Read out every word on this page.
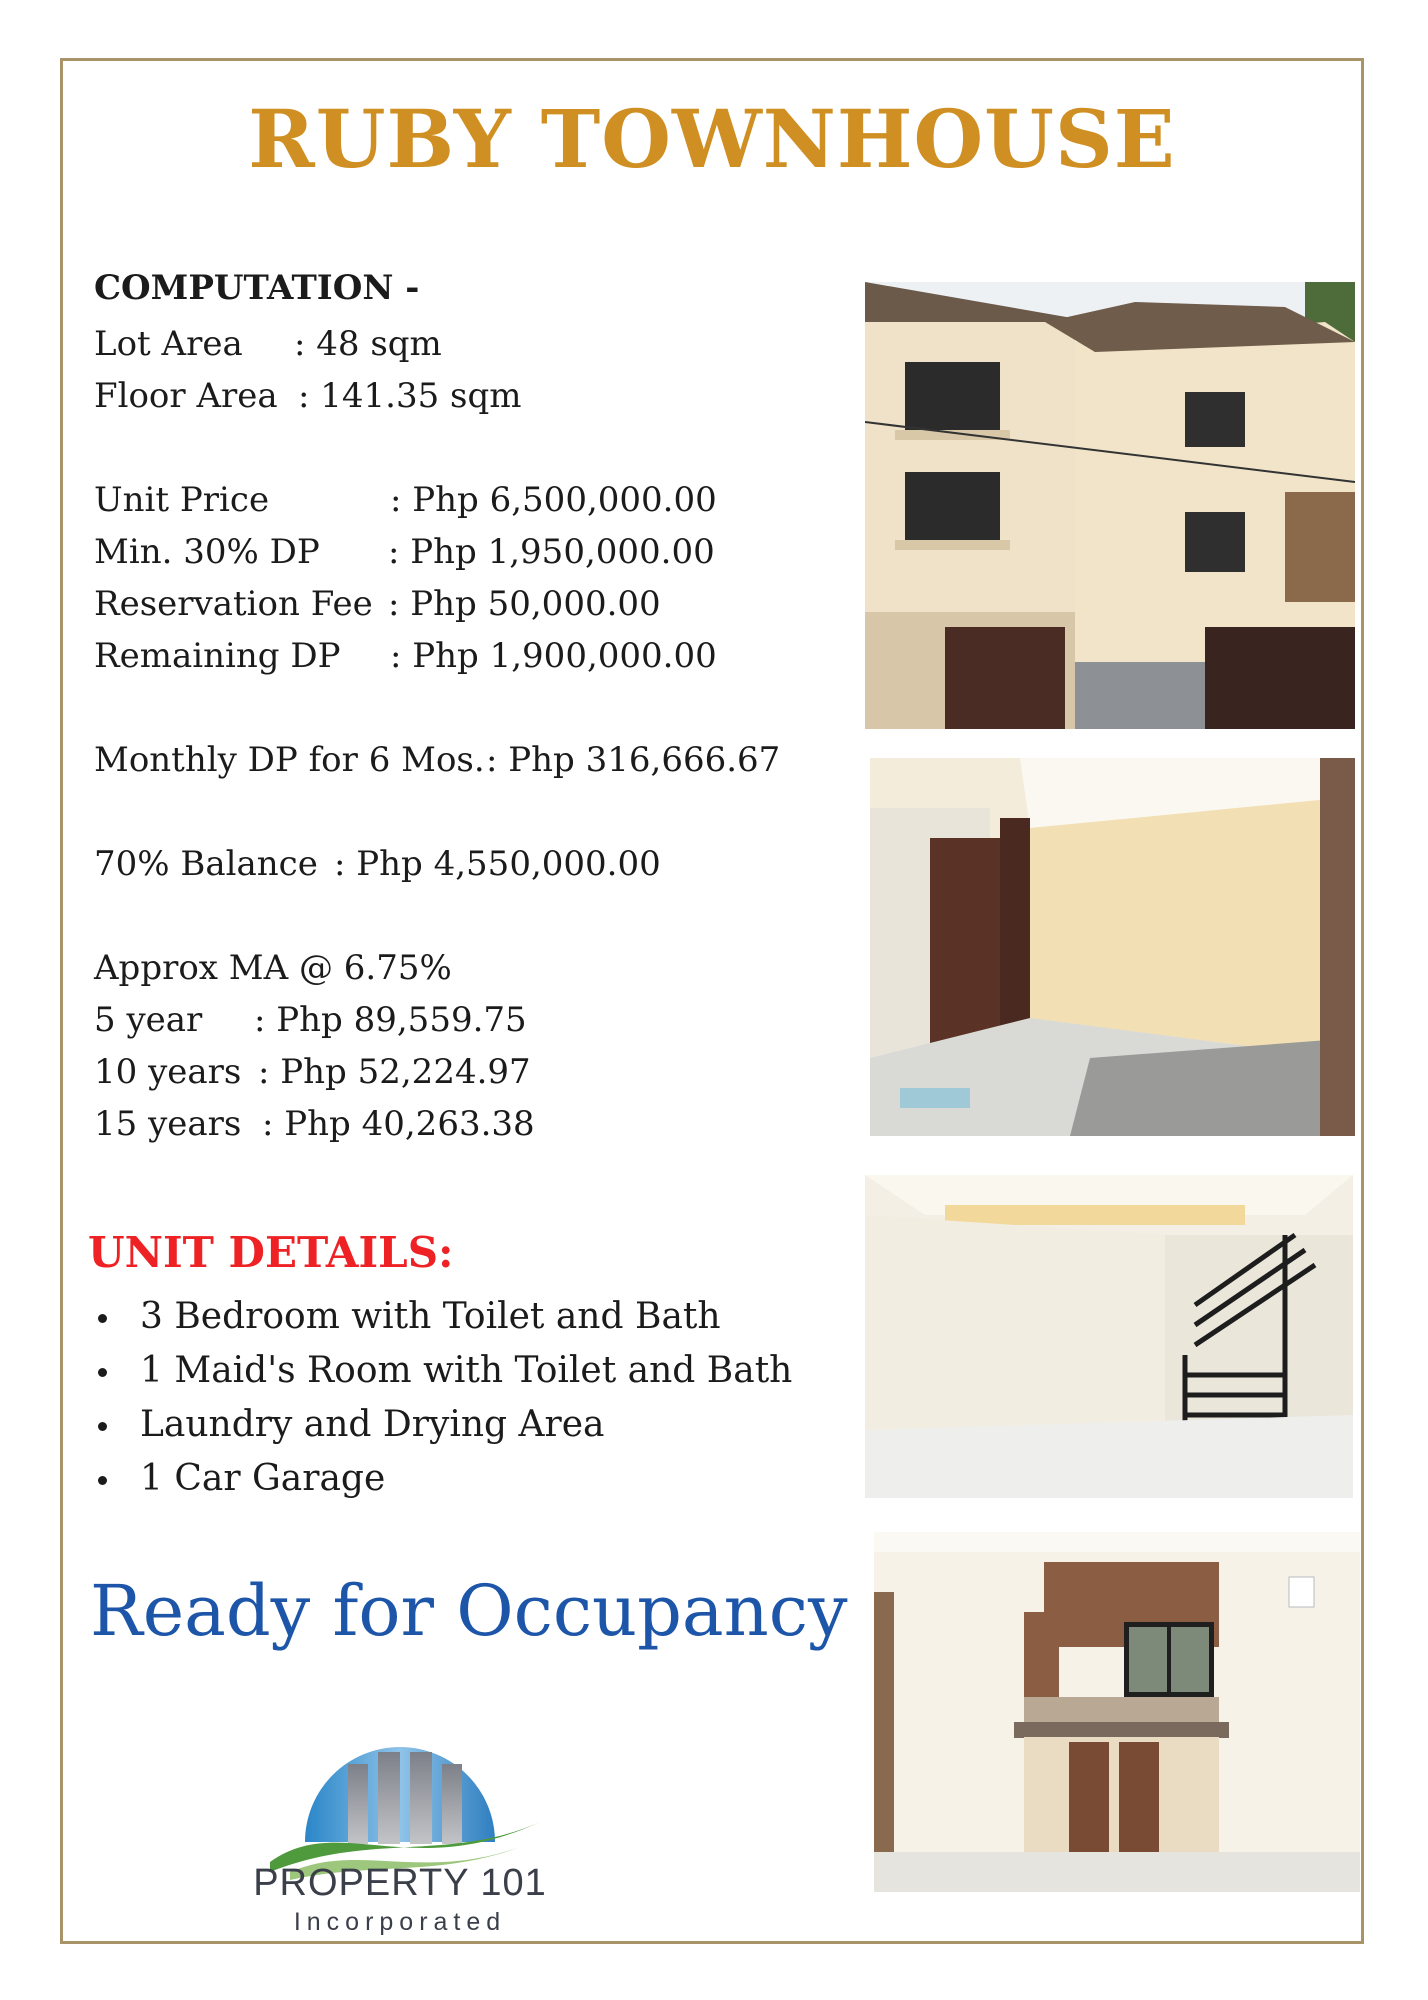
RUBY TOWNHOUSE
COMPUTATION -
Lot Area : 48 sqm
Floor Area : 141.35 sqm
Unit Price	: Php 6,500,000.00
Min. 30% DP : Php 1,950,000.00
Reservation Fee : Php 50,000.00
Remaining DP : Php 1,900,000.00
Monthly DP for 6 Mos. : Php 316,666.67
70% Balance : Php 4,550,000.00
Approx MA @ 6.75%
5 year : Php 89,559.75
10 years : Php 52,224.97
15 years : Php 40,263.38
UNIT DETAILS:
3 Bedroom with Toilet and Bath
1 Maid's Room with Toilet and Bath
Laundry and Drying Area
1 Car Garage

Ready for Occupancy

PROPERTY 101
Incorporated
